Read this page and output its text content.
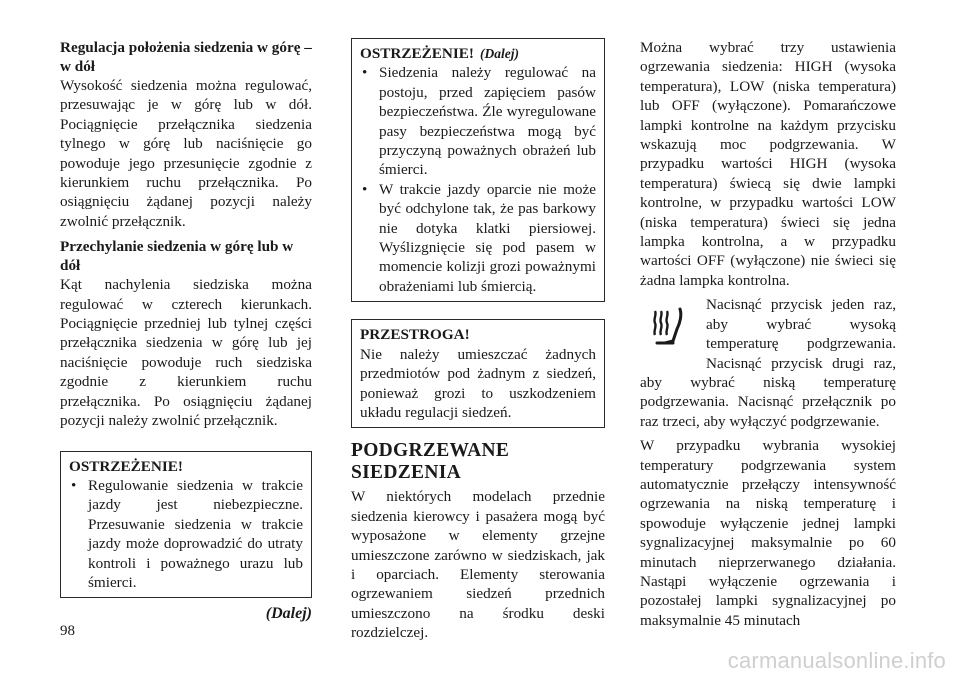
Regulacja położenia siedzenia w górę – w dół

Wysokość siedzenia można regulować, przesuwając je w górę lub w dół. Pociągnięcie przełącznika siedzenia tylnego w górę lub naciśnięcie go powoduje jego przesunięcie zgodnie z kierunkiem ruchu przełącznika. Po osiągnięciu żądanej pozycji należy zwolnić przełącznik.

Przechylanie siedzenia w górę lub w dół

Kąt nachylenia siedziska można regulować w czterech kierunkach. Pociągnięcie przedniej lub tylnej części przełącznika siedzenia w górę lub jej naciśnięcie powoduje ruch siedziska zgodnie z kierunkiem ruchu przełącznika. Po osiągnięciu żądanej pozycji należy zwolnić przełącznik.

OSTRZEŻENIE!
• Regulowanie siedzenia w trakcie jazdy jest niebezpieczne. Przesuwanie siedzenia w trakcie jazdy może doprowadzić do utraty kontroli i poważnego urazu lub śmierci.
(Dalej)
OSTRZEŻENIE! (Dalej)
• Siedzenia należy regulować na postoju, przed zapięciem pasów bezpieczeństwa. Źle wyregulowane pasy bezpieczeństwa mogą być przyczyną poważnych obrażeń lub śmierci.
• W trakcie jazdy oparcie nie może być odchylone tak, że pas barkowy nie dotyka klatki piersiowej. Wyślizgnięcie się pod pasem w momencie kolizji grozi poważnymi obrażeniami lub śmiercią.
PRZESTROGA!

Nie należy umieszczać żadnych przedmiotów pod żadnym z siedzeń, ponieważ grozi to uszkodzeniem układu regulacji siedzeń.

PODGRZEWANE
SIEDZENIA

W niektórych modelach przednie siedzenia kierowcy i pasażera mogą być wyposażone w elementy grzejne umieszczone zarówno w siedziskach, jak i oparciach. Elementy sterowania ogrzewaniem siedzeń przednich umieszczono na środku deski rozdzielczej.

Można wybrać trzy ustawienia ogrzewania siedzenia: HIGH (wysoka temperatura), LOW (niska temperatura) lub OFF (wyłączone). Pomarańczowe lampki kontrolne na każdym przycisku wskazują moc podgrzewania. W przypadku wartości HIGH (wysoka temperatura) świecą się dwie lampki kontrolne, w przypadku wartości LOW (niska temperatura) świeci się jedna lampka kontrolna, a w przypadku wartości OFF (wyłączone) nie świeci się żadna lampka kontrolna.

Nacisnąć przycisk jeden raz, aby wybrać wysoką temperaturę podgrzewania. Nacisnąć przycisk drugi raz, aby wybrać niską temperaturę podgrzewania. Nacisnąć przełącznik po raz trzeci, aby wyłączyć podgrzewanie.

W przypadku wybrania wysokiej temperatury podgrzewania system automatycznie przełączy intensywność ogrzewania na niską temperaturę i spowoduje wyłączenie jednej lampki sygnalizacyjnej maksymalnie po 60 minutach nieprzerwanego działania. Nastąpi wyłączenie ogrzewania i pozostałej lampki sygnalizacyjnej po maksymalnie 45 minutach

98
carmanualsonline.info
